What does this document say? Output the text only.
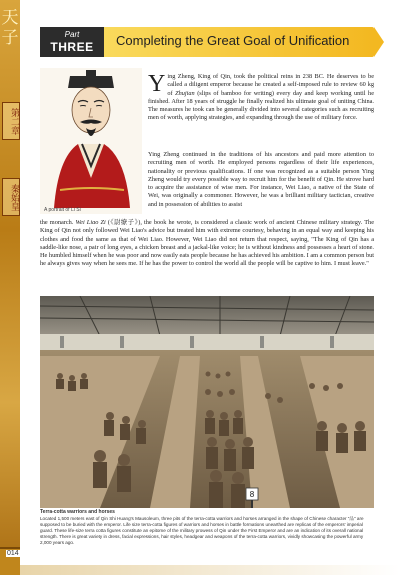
天子
第二章
秦始皇
Part
THREE	Completing the Great Goal of Unification
A portrait of Li Si

Ying Zheng, King of Qin, took the political reins in 238 BC. He deserves to be called a diligent emperor because he created a self-imposed rule to review 60 kg of Zhujian (slips of bamboo for writing) every day and keep working until he finished. After 18 years of struggle he finally realized his ultimate goal of uniting China. The measures he took can be generally divided into several categories such as recruiting men of worth, applying strategies, and expanding through the use of military force.

Ying Zheng continued in the traditions of his ancestors and paid more attention to recruiting men of worth. He employed persons regardless of their life experiences, nationality or previous qualifications. If one was recognized as a suitable person Ying Zheng would try every possible way to recruit him for the benefit of Qin. He strove hard to acquire the assistance of wise men. For instance, Wei Liao, a native of the State of Wei, was originally a commoner. However, he was a brilliant military tactician, creative and in possession of abilities to assist

the monarch. Wei Liao Zi (《尉缭子》), the book he wrote, is considered a classic work of ancient Chinese military strategy. The King of Qin not only followed Wei Liao's advice but treated him with extreme courtesy, behaving in an equal way and keeping his clothes and food the same as that of Wei Liao. However, Wei Liao did not return that respect, saying, "The King of Qin has a saddle-like nose, a pair of long eyes, a chicken breast and a jackal-like voice; he is without kindness and possesses a heart of stone. He humbled himself when he was poor and now easily eats people because he has achieved his ambition. I am a common person but he always gives way when he sees me. If he has the power to control the world all the people will be captive to him. I must leave."

8
Terra-cotta warriors and horses
Located 1,500 meters east of Qin Shi Huang's Mausoleum, three pits of the terra-cotta warriors and horses arranged in the shape of Chinese character "品" are supposed to be buried with the emperor. Life size terra-cotta figures of warriors and horses in battle formations unearthed are replicas of the emperors' imperial guard. These life-size terra cotta figures constitute an epitome of the military prowess of Qin under the First Emperor and are an indication of its overall national strength. There is great variety in dress, facial expressions, hair styles, headgear and weapons of the terra-cotta warriors, vividly showcasing the powerful army 2,000 years ago.
014
